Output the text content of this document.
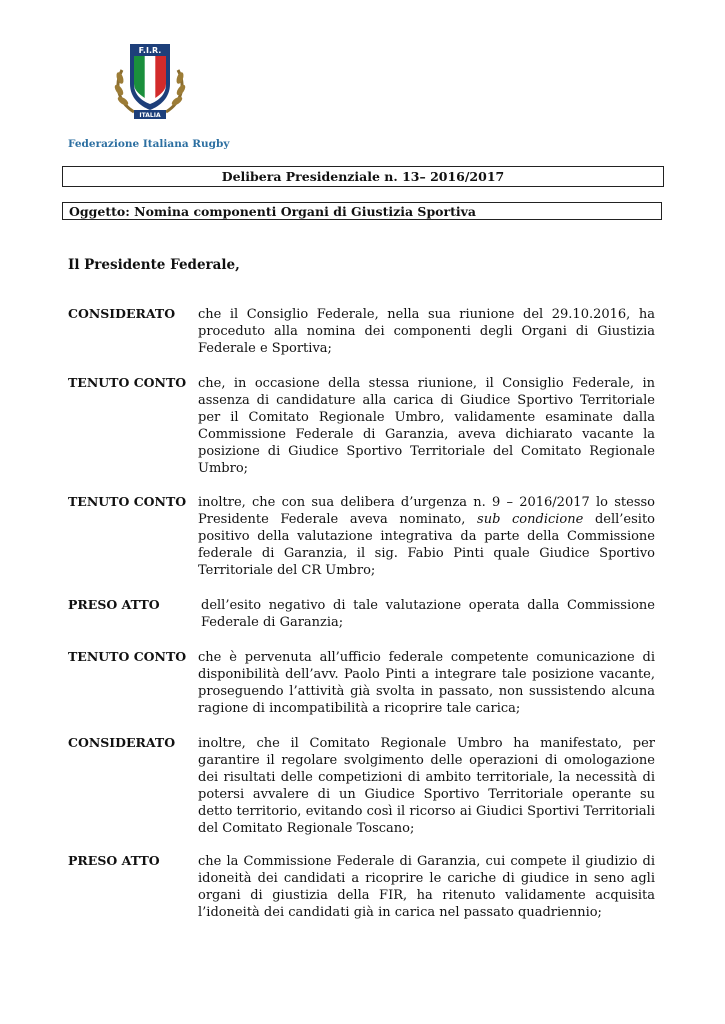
F.I.R.
ITALIA
Federazione Italiana Rugby
Delibera Presidenziale n. 13– 2016/2017
Oggetto: Nomina componenti Organi di Giustizia Sportiva
Il Presidente Federale,
CONSIDERATO che il Consiglio Federale, nella sua riunione del 29.10.2016, ha proceduto alla nomina dei componenti degli Organi di Giustizia Federale e Sportiva;
TENUTO CONTO che, in occasione della stessa riunione, il Consiglio Federale, in assenza di candidature alla carica di Giudice Sportivo Territoriale per il Comitato Regionale Umbro, validamente esaminate dalla Commissione Federale di Garanzia, aveva dichiarato vacante la posizione di Giudice Sportivo Territoriale del Comitato Regionale Umbro;
TENUTO CONTO inoltre, che con sua delibera d’urgenza n. 9 – 2016/2017 lo stesso Presidente Federale aveva nominato, sub condicione dell’esito positivo della valutazione integrativa da parte della Commissione federale di Garanzia, il sig. Fabio Pinti quale Giudice Sportivo Territoriale del CR Umbro;
PRESO ATTO	dell’esito negativo di tale valutazione operata dalla Commissione Federale di Garanzia;
TENUTO CONTO che è pervenuta all’ufficio federale competente comunicazione di disponibilità dell’avv. Paolo Pinti a integrare tale posizione vacante, proseguendo l’attività già svolta in passato, non sussistendo alcuna ragione di incompatibilità a ricoprire tale carica;
CONSIDERATO inoltre, che il Comitato Regionale Umbro ha manifestato, per garantire il regolare svolgimento delle operazioni di omologazione dei risultati delle competizioni di ambito territoriale, la necessità di potersi avvalere di un Giudice Sportivo Territoriale operante su detto territorio, evitando così il ricorso ai Giudici Sportivi Territoriali del Comitato Regionale Toscano;
PRESO ATTO	che la Commissione Federale di Garanzia, cui compete il giudizio di idoneità dei candidati a ricoprire le cariche di giudice in seno agli organi di giustizia della FIR, ha ritenuto validamente acquisita l’idoneità dei candidati già in carica nel passato quadriennio;
